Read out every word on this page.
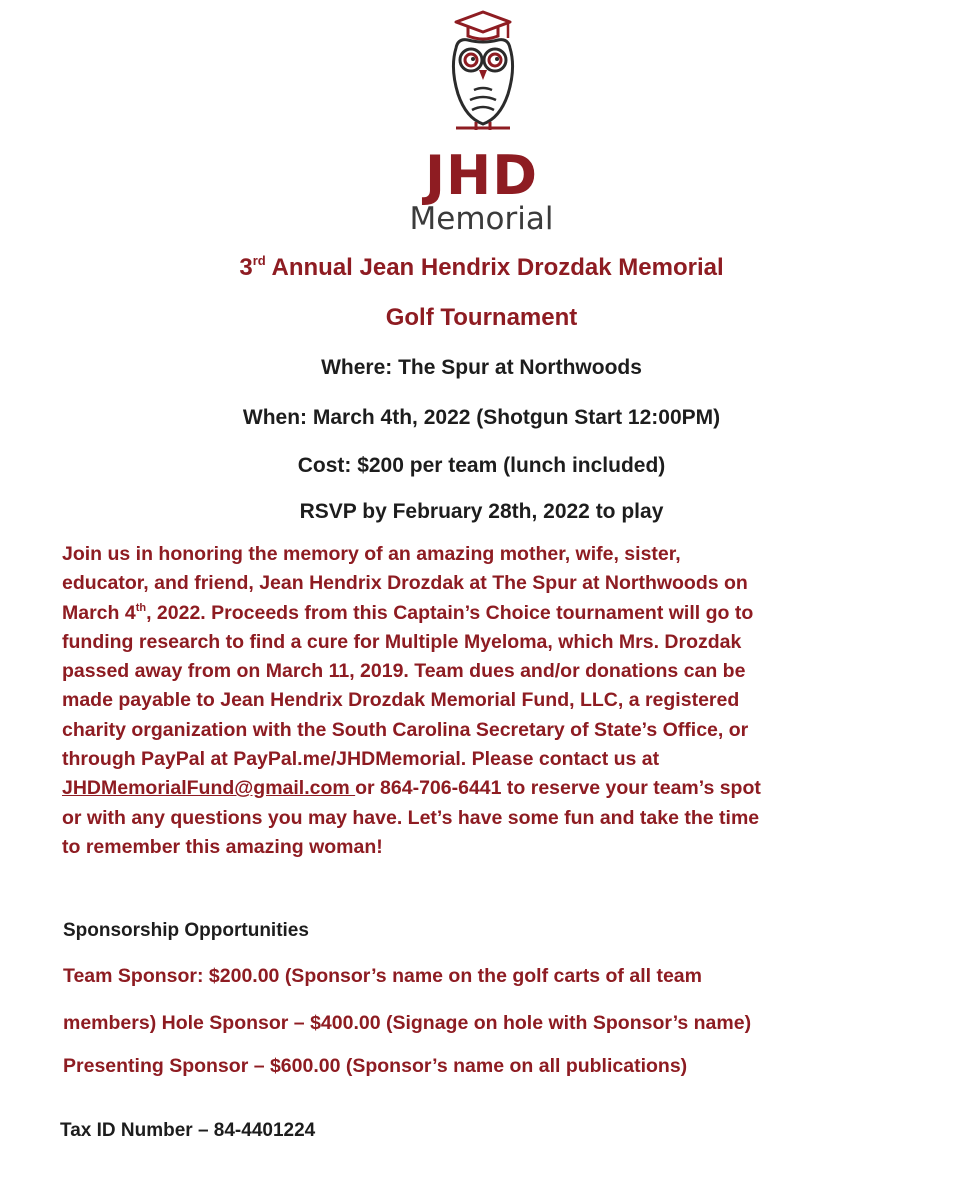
JHD
Memorial
3rd Annual Jean Hendrix Drozdak Memorial
Golf Tournament
Where: The Spur at Northwoods
When: March 4th, 2022 (Shotgun Start 12:00PM)
Cost: $200 per team (lunch included)
RSVP by February 28th, 2022 to play
Join us in honoring the memory of an amazing mother, wife, sister,
educator, and friend, Jean Hendrix Drozdak at The Spur at Northwoods on
March 4th, 2022. Proceeds from this Captain’s Choice tournament will go to
funding research to find a cure for Multiple Myeloma, which Mrs. Drozdak
passed away from on March 11, 2019. Team dues and/or donations can be
made payable to Jean Hendrix Drozdak Memorial Fund, LLC, a registered
charity organization with the South Carolina Secretary of State’s Office, or
through PayPal at PayPal.me/JHDMemorial. Please contact us at
JHDMemorialFund@gmail.com or 864-706-6441 to reserve your team’s spot
or with any questions you may have. Let’s have some fun and take the time
to remember this amazing woman!
Sponsorship Opportunities
Team Sponsor: $200.00 (Sponsor’s name on the golf carts of all team
members) Hole Sponsor – $400.00 (Signage on hole with Sponsor’s name)
Presenting Sponsor – $600.00 (Sponsor’s name on all publications)
Tax ID Number – 84-4401224
